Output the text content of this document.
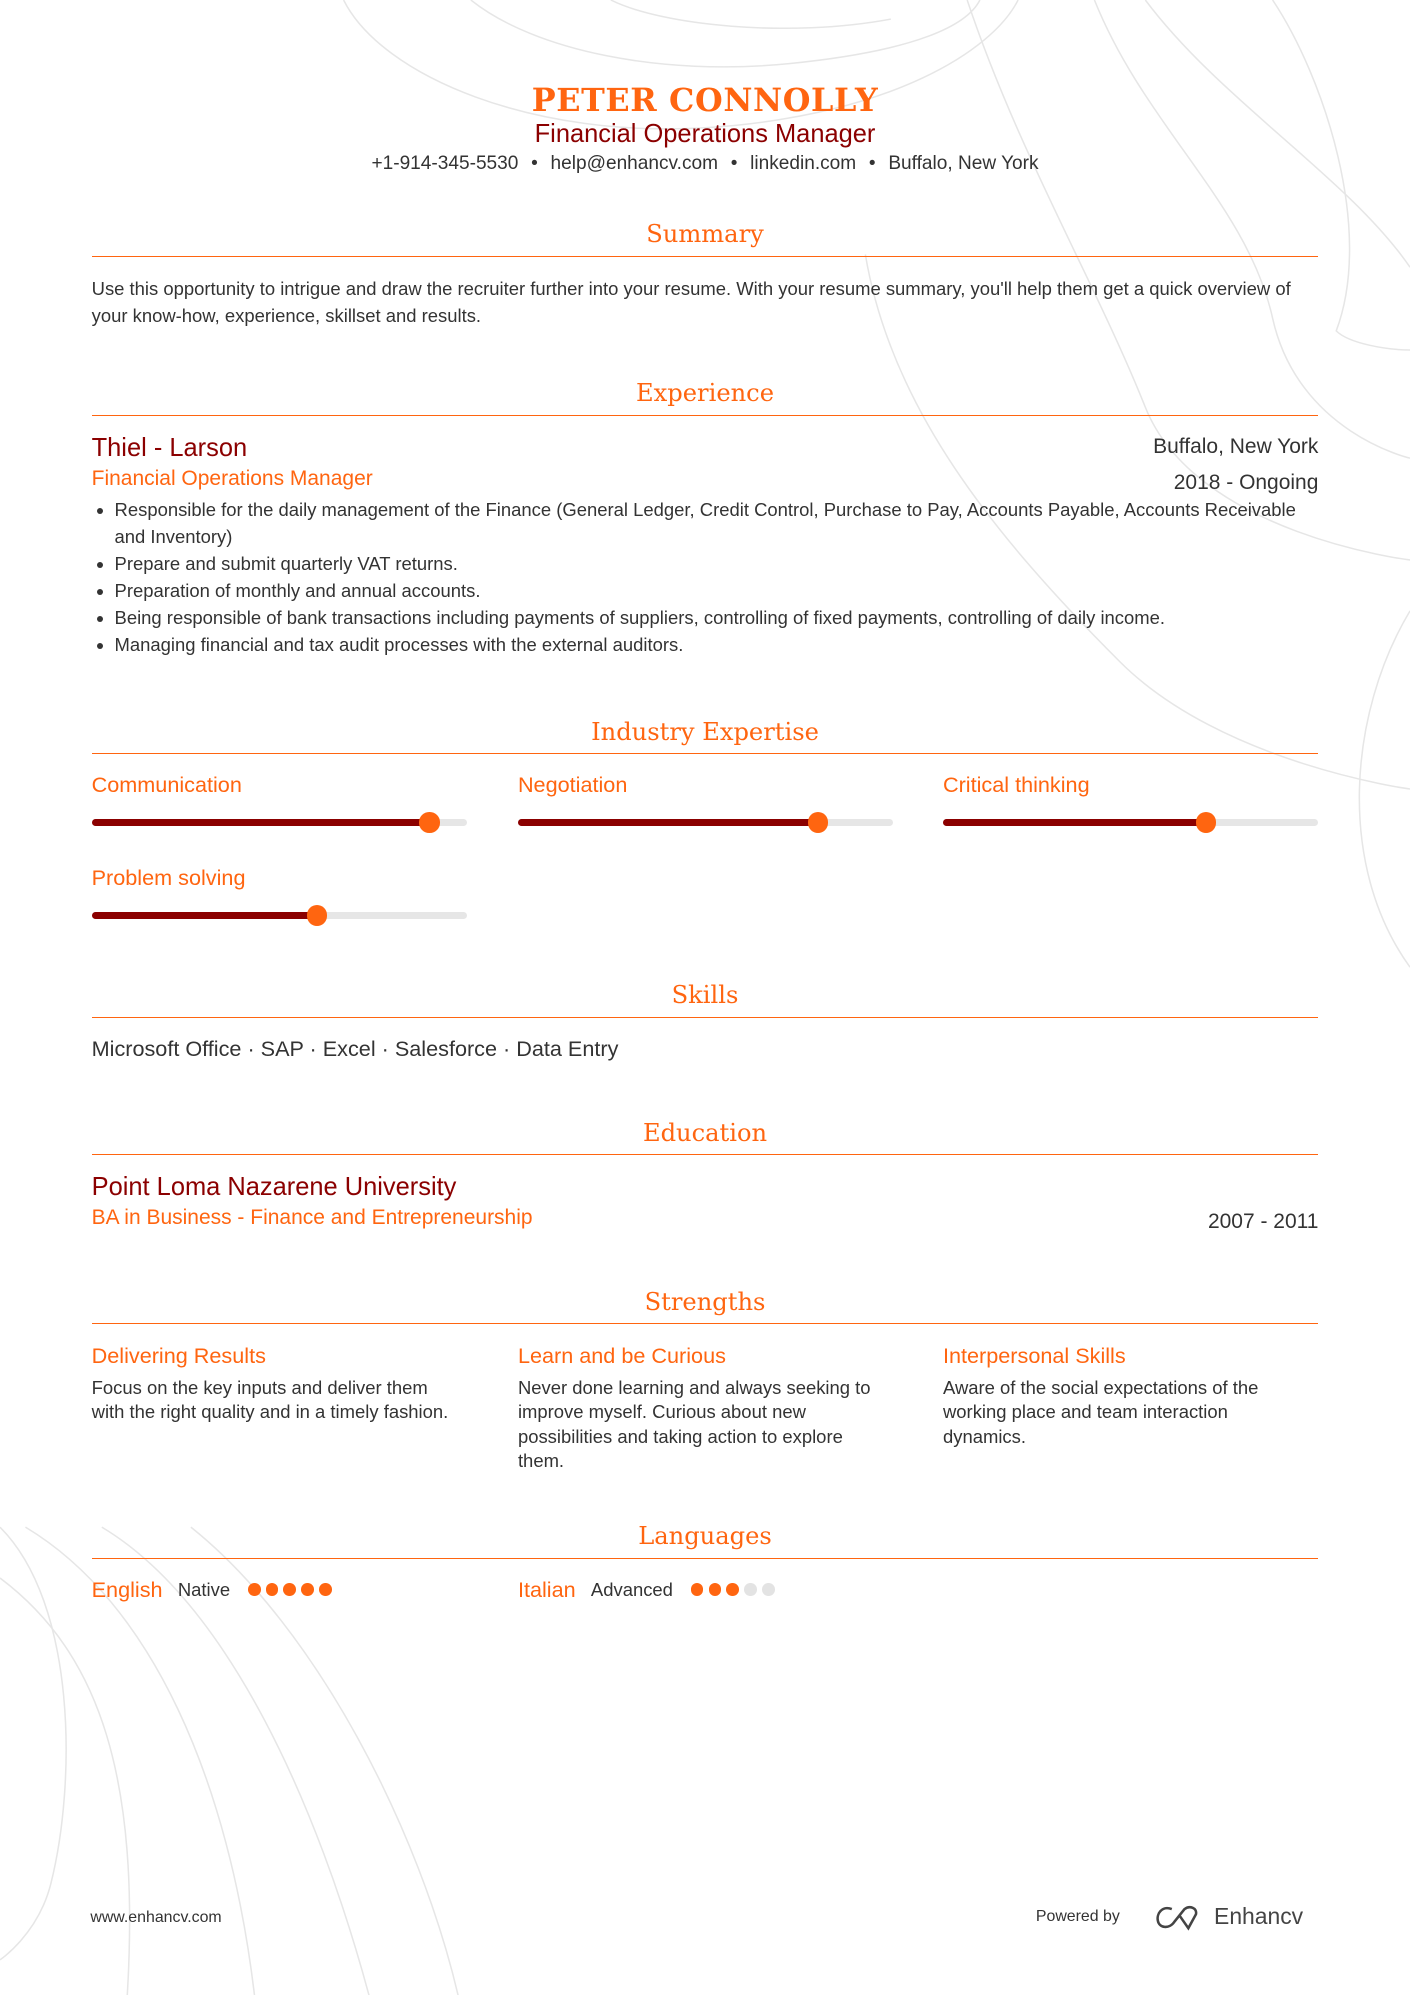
PETER CONNOLLY
Financial Operations Manager
+1-914-345-5530 • help@enhancv.com • linkedin.com • Buffalo, New York
Summary
Use this opportunity to intrigue and draw the recruiter further into your resume. With your resume summary, you'll help them get a quick overview of your know-how, experience, skillset and results.
Experience
Thiel - Larson
Financial Operations Manager
Buffalo, New York
2018 - Ongoing
• Responsible for the daily management of the Finance (General Ledger, Credit Control, Purchase to Pay, Accounts Payable, Accounts Receivable and Inventory)
• Prepare and submit quarterly VAT returns.
• Preparation of monthly and annual accounts.
• Being responsible of bank transactions including payments of suppliers, controlling of fixed payments, controlling of daily income.
• Managing financial and tax audit processes with the external auditors.
Industry Expertise
Communication	Negotiation	Critical thinking
Problem solving
Skills
Microsoft Office · SAP · Excel · Salesforce · Data Entry
Education
Point Loma Nazarene University
BA in Business - Finance and Entrepreneurship	2007 - 2011
Strengths
Delivering Results
Focus on the key inputs and deliver them with the right quality and in a timely fashion.
Learn and be Curious
Never done learning and always seeking to improve myself. Curious about new possibilities and taking action to explore them.
Interpersonal Skills
Aware of the social expectations of the working place and team interaction dynamics.
Languages
English Native	Italian Advanced
www.enhancv.com	Powered by	Enhancv
